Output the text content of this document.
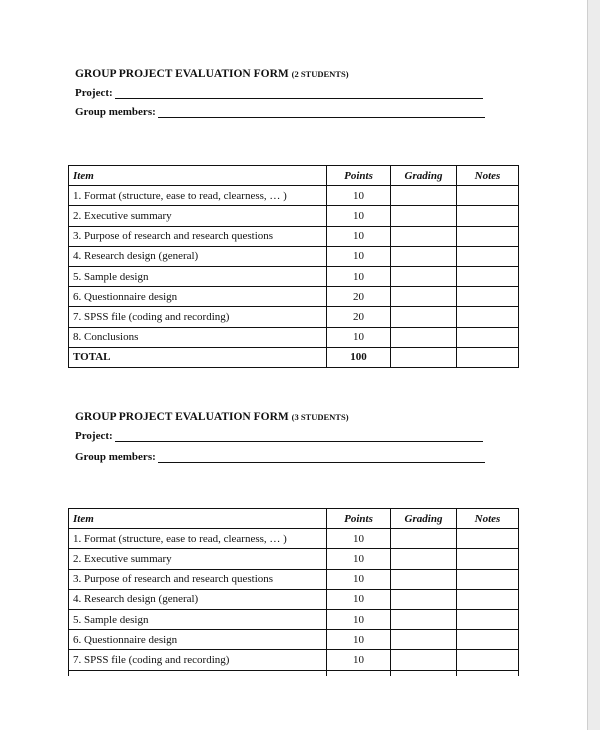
GROUP PROJECT EVALUATION FORM (2 STUDENTS)
Project:
Group members:
Item	Points	Grading	Notes
1. Format (structure, ease to read, clearness, … )	10		
2. Executive summary	10		
3. Purpose of research and research questions	10		
4. Research design (general)	10		
5. Sample design	10		
6. Questionnaire design	20		
7. SPSS file (coding and recording)	20		
8. Conclusions	10		
TOTAL	100		
GROUP PROJECT EVALUATION FORM (3 STUDENTS)
Project:
Group members:
Item	Points	Grading	Notes
1. Format (structure, ease to read, clearness, … )	10		
2. Executive summary	10		
3. Purpose of research and research questions	10		
4. Research design (general)	10		
5. Sample design	10		
6. Questionnaire design	10		
7. SPSS file (coding and recording)	10		
